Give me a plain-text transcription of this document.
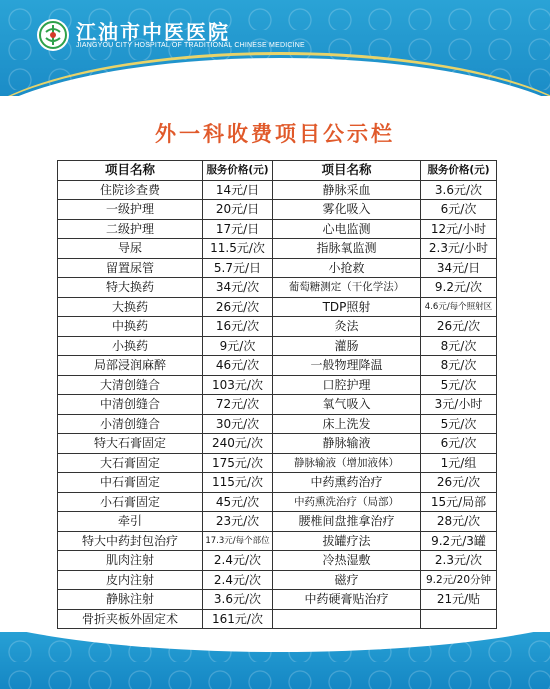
江油市中医医院
JIANGYOU CITY HOSPITAL OF TRADITIONAL CHINESE MEDICINE
外一科收费项目公示栏
项目名称	服务价格(元)	项目名称	服务价格(元)
住院诊查费	14元/日	静脉采血	3.6元/次
一级护理	20元/日	雾化吸入	6元/次
二级护理	17元/日	心电监测	12元/小时
导尿	11.5元/次	指脉氧监测	2.3元/小时
留置尿管	5.7元/日	小抢救	34元/日
特大换药	34元/次	葡萄糖测定（干化学法）	9.2元/次
大换药	26元/次	TDP照射	4.6元/每个照射区
中换药	16元/次	灸法	26元/次
小换药	9元/次	灌肠	8元/次
局部浸润麻醉	46元/次	一般物理降温	8元/次
大清创缝合	103元/次	口腔护理	5元/次
中清创缝合	72元/次	氧气吸入	3元/小时
小清创缝合	30元/次	床上洗发	5元/次
特大石膏固定	240元/次	静脉输液	6元/次
大石膏固定	175元/次	静脉输液（增加液体）	1元/组
中石膏固定	115元/次	中药熏药治疗	26元/次
小石膏固定	45元/次	中药熏洗治疗（局部）	15元/局部
牵引	23元/次	腰椎间盘推拿治疗	28元/次
特大中药封包治疗	17.3元/每个部位	拔罐疗法	9.2元/3罐
肌肉注射	2.4元/次	冷热湿敷	2.3元/次
皮内注射	2.4元/次	磁疗	9.2元/20分钟
静脉注射	3.6元/次	中药硬膏贴治疗	21元/贴
骨折夹板外固定术	161元/次		
